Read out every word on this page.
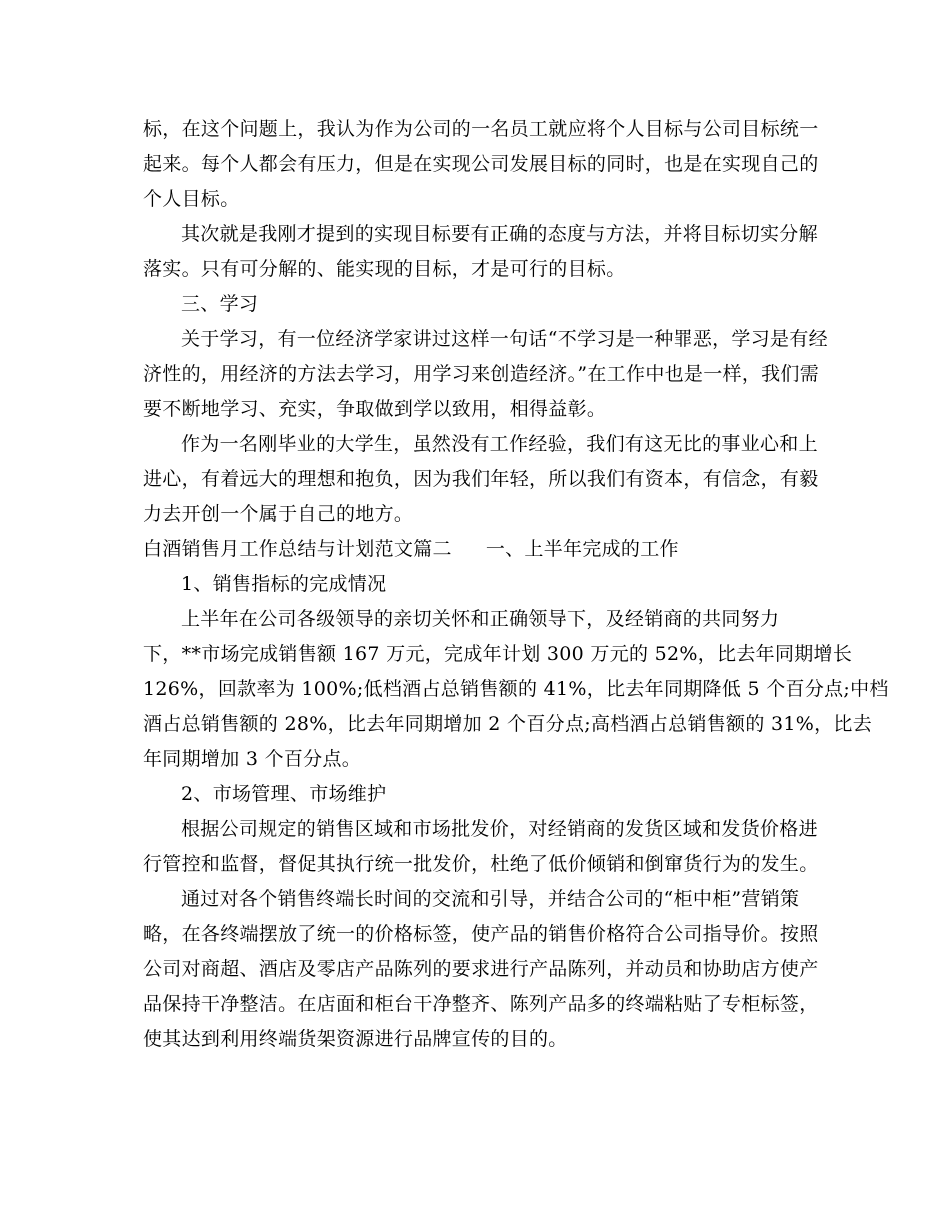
标，在这个问题上，我认为作为公司的一名员工就应将个人目标与公司目标统一
起来。每个人都会有压力，但是在实现公司发展目标的同时，也是在实现自己的
个人目标。
其次就是我刚才提到的实现目标要有正确的态度与方法，并将目标切实分解
落实。只有可分解的、能实现的目标，才是可行的目标。
三、学习
关于学习，有一位经济学家讲过这样一句话“不学习是一种罪恶，学习是有经
济性的，用经济的方法去学习，用学习来创造经济。”在工作中也是一样，我们需
要不断地学习、充实，争取做到学以致用，相得益彰。
作为一名刚毕业的大学生，虽然没有工作经验，我们有这无比的事业心和上
进心，有着远大的理想和抱负，因为我们年轻，所以我们有资本，有信念，有毅
力去开创一个属于自己的地方。
白酒销售月工作总结与计划范文篇二 一、上半年完成的工作
1、销售指标的完成情况
上半年在公司各级领导的亲切关怀和正确领导下，及经销商的共同努力
下，**市场完成销售额 167 万元，完成年计划 300 万元的 52%，比去年同期增长
126%，回款率为 100%;低档酒占总销售额的 41%，比去年同期降低 5 个百分点;中档
酒占总销售额的 28%，比去年同期增加 2 个百分点;高档酒占总销售额的 31%，比去
年同期增加 3 个百分点。
2、市场管理、市场维护
根据公司规定的销售区域和市场批发价，对经销商的发货区域和发货价格进
行管控和监督，督促其执行统一批发价，杜绝了低价倾销和倒窜货行为的发生。
通过对各个销售终端长时间的交流和引导，并结合公司的“柜中柜”营销策
略，在各终端摆放了统一的价格标签，使产品的销售价格符合公司指导价。按照
公司对商超、酒店及零店产品陈列的要求进行产品陈列，并动员和协助店方使产
品保持干净整洁。在店面和柜台干净整齐、陈列产品多的终端粘贴了专柜标签，
使其达到利用终端货架资源进行品牌宣传的目的。
